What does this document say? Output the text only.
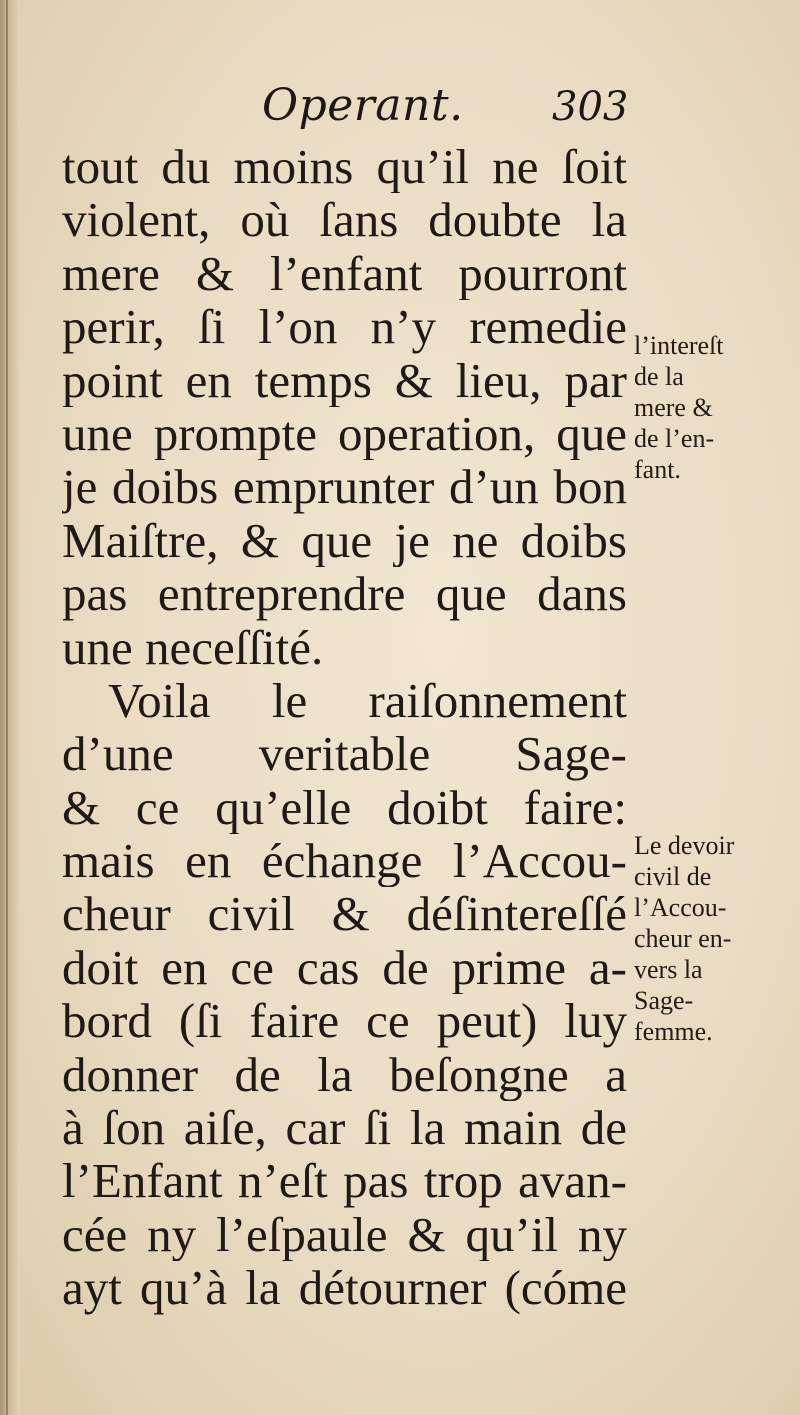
Operant. 303
tout du moins qu’il ne ſoit
violent, où ſans doubte la
mere & l’enfant pourront
perir, ſi l’on n’y remedie
point en temps & lieu, par
une prompte operation, que
je doibs emprunter d’un bon
Maiſtre, & que je ne doibs
pas entreprendre que dans
une neceſſité.
Voila le raiſonnement
d’une veritable Sage-
& ce qu’elle doibt faire:
mais en échange l’Accou-
cheur civil & déſintereſſé
doit en ce cas de prime a-
bord (ſi faire ce peut) luy
donner de la beſongne a
à ſon aiſe, car ſi la main de
l’Enfant n’eſt pas trop avan-
cée ny l’eſpaule & qu’il ny
ayt qu’à la détourner (cóme
l’intereſt
de la
mere &
de l’en-
fant.
Le devoir
civil de
l’Accou-
cheur en-
vers la
Sage-
femme.
